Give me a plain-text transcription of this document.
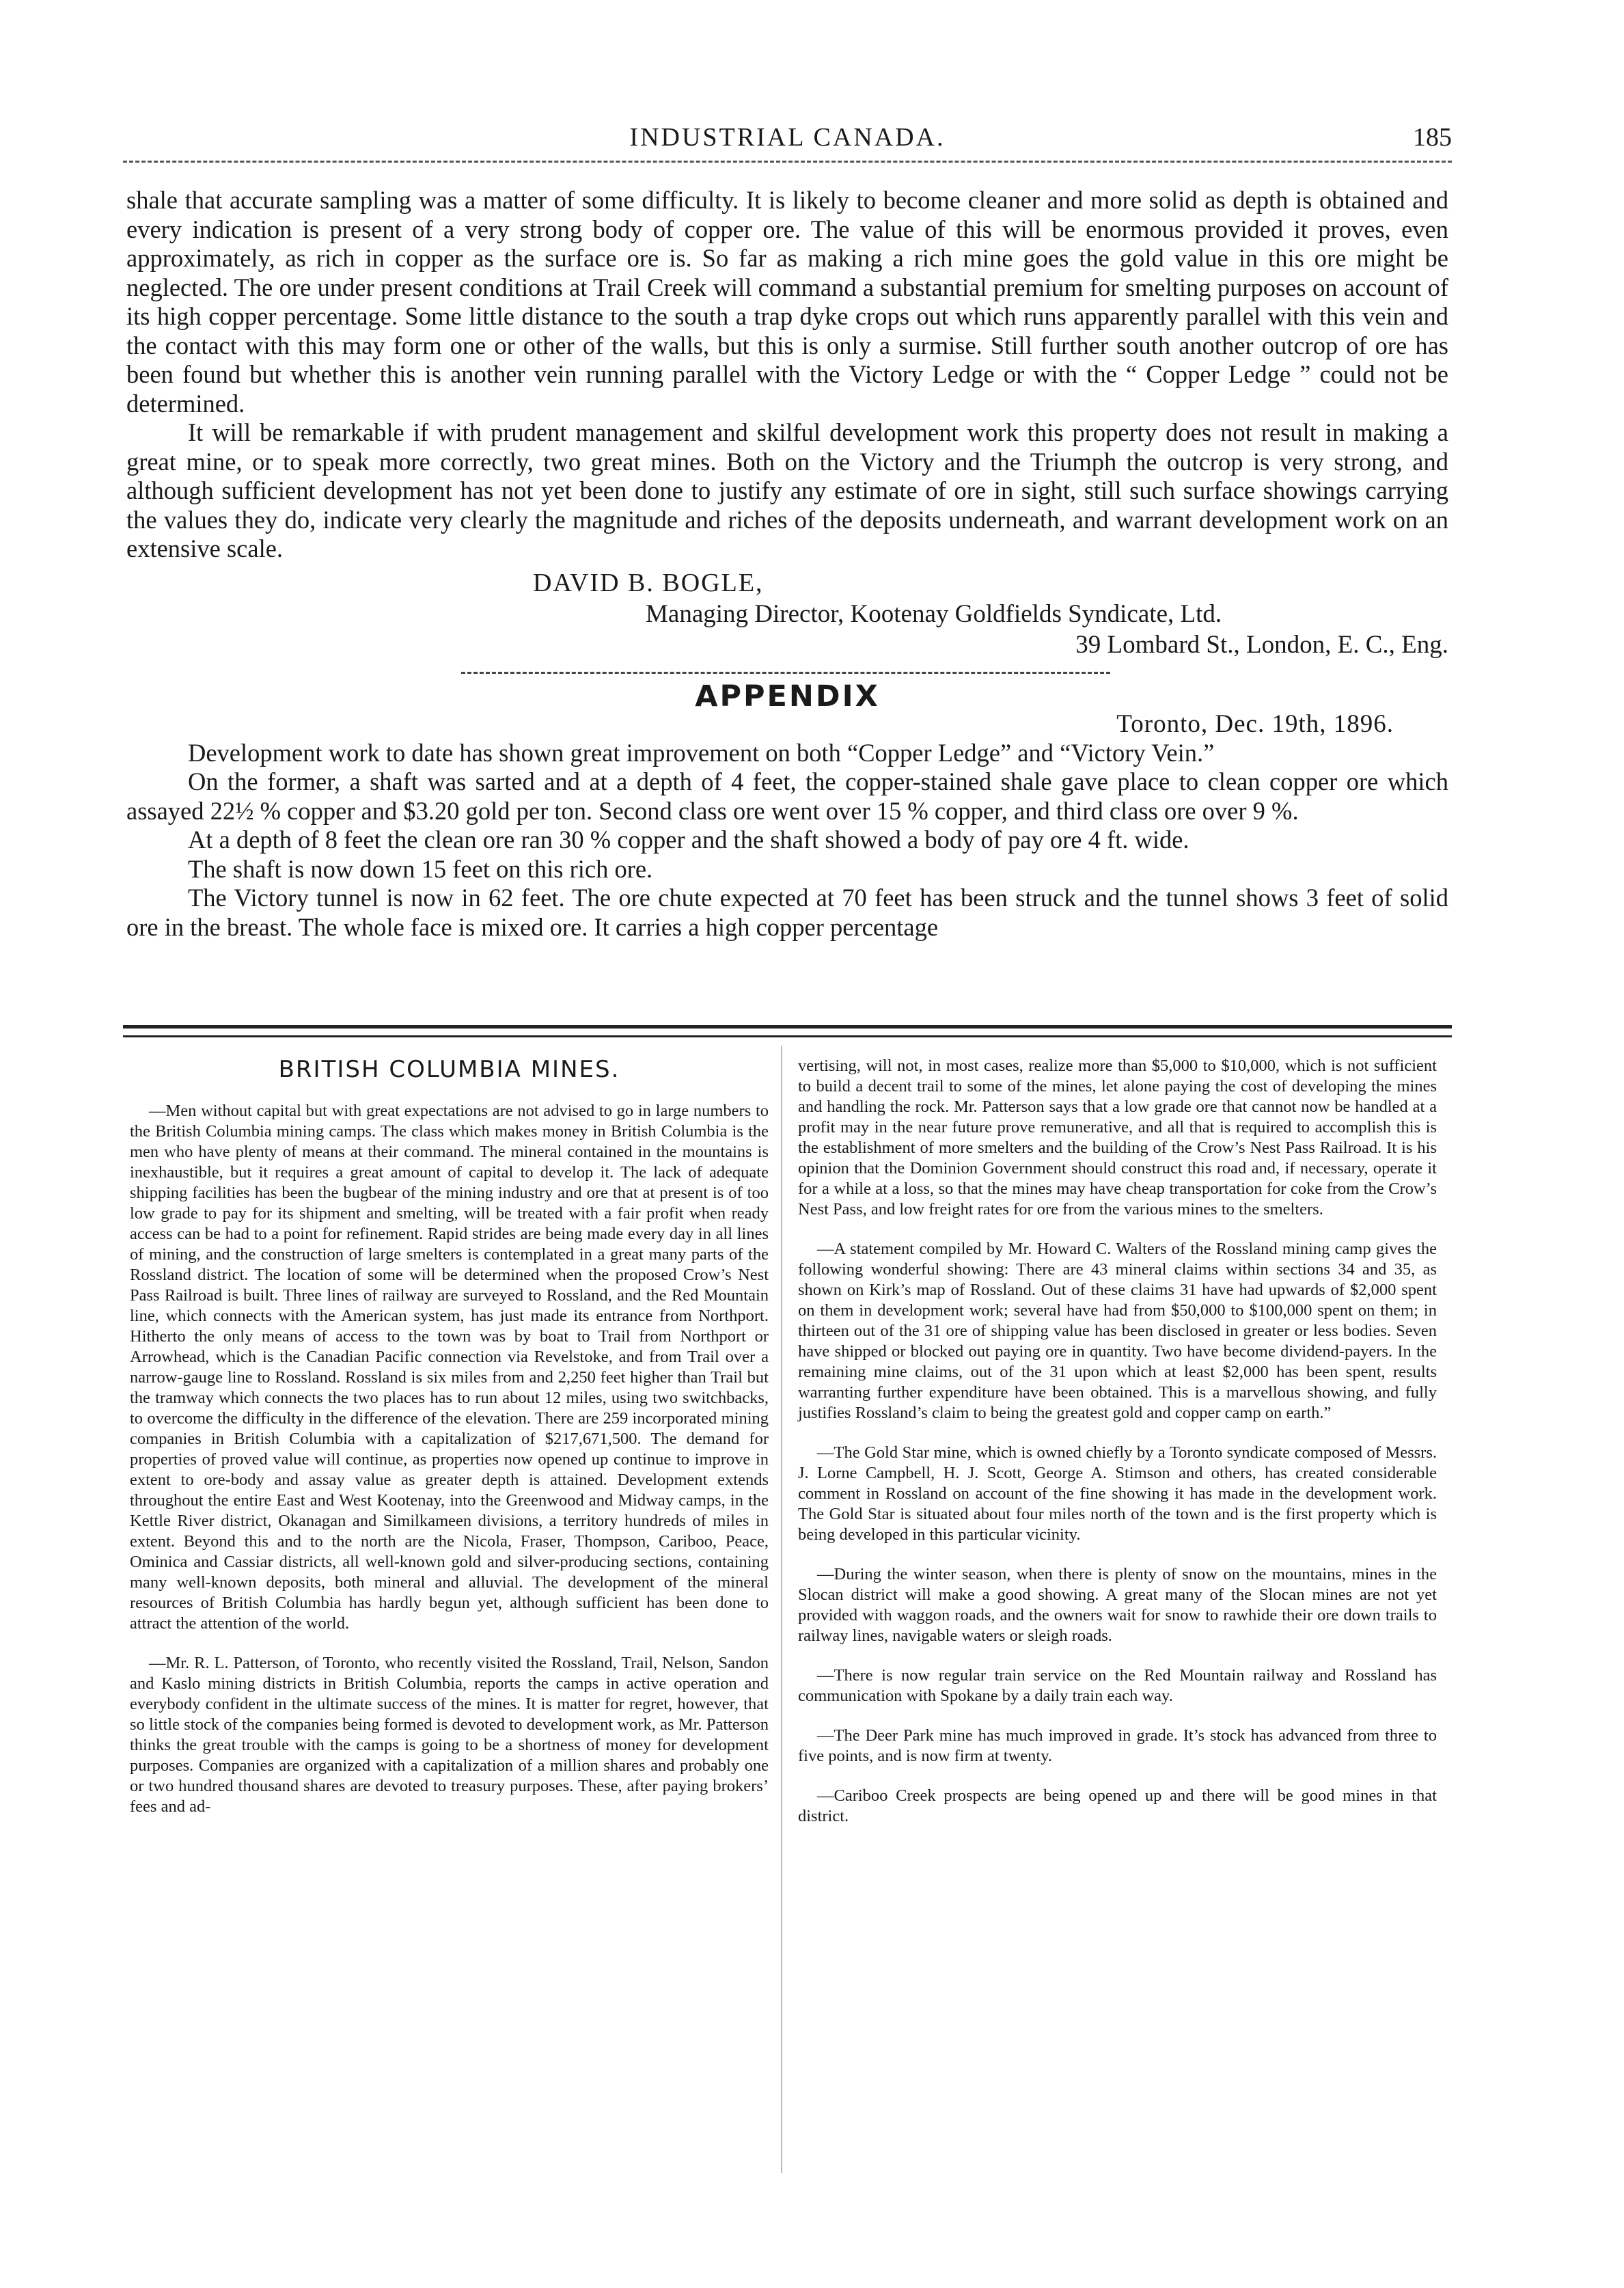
INDUSTRIAL CANADA.	185

shale that accurate sampling was a matter of some difficulty. It is likely to become cleaner and more solid as depth is obtained and every indication is present of a very strong body of copper ore. The value of this will be enormous provided it proves, even approximately, as rich in copper as the surface ore is. So far as making a rich mine goes the gold value in this ore might be neglected. The ore under present conditions at Trail Creek will command a substantial premium for smelting purposes on account of its high copper percentage. Some little distance to the south a trap dyke crops out which runs apparently parallel with this vein and the contact with this may form one or other of the walls, but this is only a surmise. Still further south another outcrop of ore has been found but whether this is another vein running parallel with the Victory Ledge or with the “ Copper Ledge ” could not be determined.

It will be remarkable if with prudent management and skilful development work this property does not result in making a great mine, or to speak more correctly, two great mines. Both on the Victory and the Triumph the outcrop is very strong, and although sufficient development has not yet been done to justify any estimate of ore in sight, still such surface showings carrying the values they do, indicate very clearly the magnitude and riches of the deposits underneath, and warrant development work on an extensive scale.

DAVID B. BOGLE,
Managing Director, Kootenay Goldfields Syndicate, Ltd.
39 Lombard St., London, E. C., Eng.
APPENDIX
Toronto, Dec. 19th, 1896.

Development work to date has shown great improvement on both “Copper Ledge” and “Victory Vein.”

On the former, a shaft was sarted and at a depth of 4 feet, the copper-stained shale gave place to clean copper ore which assayed 22½ % copper and $3.20 gold per ton. Second class ore went over 15 % copper, and third class ore over 9 %.

At a depth of 8 feet the clean ore ran 30 % copper and the shaft showed a body of pay ore 4 ft. wide.

The shaft is now down 15 feet on this rich ore.

The Victory tunnel is now in 62 feet. The ore chute expected at 70 feet has been struck and the tunnel shows 3 feet of solid ore in the breast. The whole face is mixed ore. It carries a high copper percentage

BRITISH COLUMBIA MINES.

—Men without capital but with great expectations are not advised to go in large numbers to the British Columbia mining camps. The class which makes money in British Columbia is the men who have plenty of means at their command. The mineral contained in the mountains is inexhaustible, but it requires a great amount of capital to develop it. The lack of adequate shipping facilities has been the bugbear of the mining industry and ore that at present is of too low grade to pay for its shipment and smelting, will be treated with a fair profit when ready access can be had to a point for refinement. Rapid strides are being made every day in all lines of mining, and the construction of large smelters is contemplated in a great many parts of the Rossland district. The location of some will be determined when the proposed Crow’s Nest Pass Railroad is built. Three lines of railway are surveyed to Rossland, and the Red Mountain line, which connects with the American system, has just made its entrance from Northport. Hitherto the only means of access to the town was by boat to Trail from Northport or Arrowhead, which is the Canadian Pacific connection via Revelstoke, and from Trail over a narrow-gauge line to Rossland. Rossland is six miles from and 2,250 feet higher than Trail but the tramway which connects the two places has to run about 12 miles, using two switchbacks, to overcome the difficulty in the difference of the elevation. There are 259 incorporated mining companies in British Columbia with a capitalization of $217,671,500. The demand for properties of proved value will continue, as properties now opened up continue to improve in extent to ore-body and assay value as greater depth is attained. Development extends throughout the entire East and West Kootenay, into the Greenwood and Midway camps, in the Kettle River district, Okanagan and Similkameen divisions, a territory hundreds of miles in extent. Beyond this and to the north are the Nicola, Fraser, Thompson, Cariboo, Peace, Ominica and Cassiar districts, all well-known gold and silver-producing sections, containing many well-known deposits, both mineral and alluvial. The development of the mineral resources of British Columbia has hardly begun yet, although sufficient has been done to attract the attention of the world.

—Mr. R. L. Patterson, of Toronto, who recently visited the Rossland, Trail, Nelson, Sandon and Kaslo mining districts in British Columbia, reports the camps in active operation and everybody confident in the ultimate success of the mines. It is matter for regret, however, that so little stock of the companies being formed is devoted to development work, as Mr. Patterson thinks the great trouble with the camps is going to be a shortness of money for development purposes. Companies are organized with a capitalization of a million shares and probably one or two hundred thousand shares are devoted to treasury purposes. These, after paying brokers’ fees and ad-

vertising, will not, in most cases, realize more than $5,000 to $10,000, which is not sufficient to build a decent trail to some of the mines, let alone paying the cost of developing the mines and handling the rock. Mr. Patterson says that a low grade ore that cannot now be handled at a profit may in the near future prove remunerative, and all that is required to accomplish this is the establishment of more smelters and the building of the Crow’s Nest Pass Railroad. It is his opinion that the Dominion Government should construct this road and, if necessary, operate it for a while at a loss, so that the mines may have cheap transportation for coke from the Crow’s Nest Pass, and low freight rates for ore from the various mines to the smelters.

—A statement compiled by Mr. Howard C. Walters of the Rossland mining camp gives the following wonderful showing: There are 43 mineral claims within sections 34 and 35, as shown on Kirk’s map of Rossland. Out of these claims 31 have had upwards of $2,000 spent on them in development work; several have had from $50,000 to $100,000 spent on them; in thirteen out of the 31 ore of shipping value has been disclosed in greater or less bodies. Seven have shipped or blocked out paying ore in quantity. Two have become dividend-payers. In the remaining mine claims, out of the 31 upon which at least $2,000 has been spent, results warranting further expenditure have been obtained. This is a marvellous showing, and fully justifies Rossland’s claim to being the greatest gold and copper camp on earth.”

—The Gold Star mine, which is owned chiefly by a Toronto syndicate composed of Messrs. J. Lorne Campbell, H. J. Scott, George A. Stimson and others, has created considerable comment in Rossland on account of the fine showing it has made in the development work. The Gold Star is situated about four miles north of the town and is the first property which is being developed in this particular vicinity.

—During the winter season, when there is plenty of snow on the mountains, mines in the Slocan district will make a good showing. A great many of the Slocan mines are not yet provided with waggon roads, and the owners wait for snow to rawhide their ore down trails to railway lines, navigable waters or sleigh roads.

—There is now regular train service on the Red Mountain railway and Rossland has communication with Spokane by a daily train each way.

—The Deer Park mine has much improved in grade. It’s stock has advanced from three to five points, and is now firm at twenty.

—Cariboo Creek prospects are being opened up and there will be good mines in that district.
